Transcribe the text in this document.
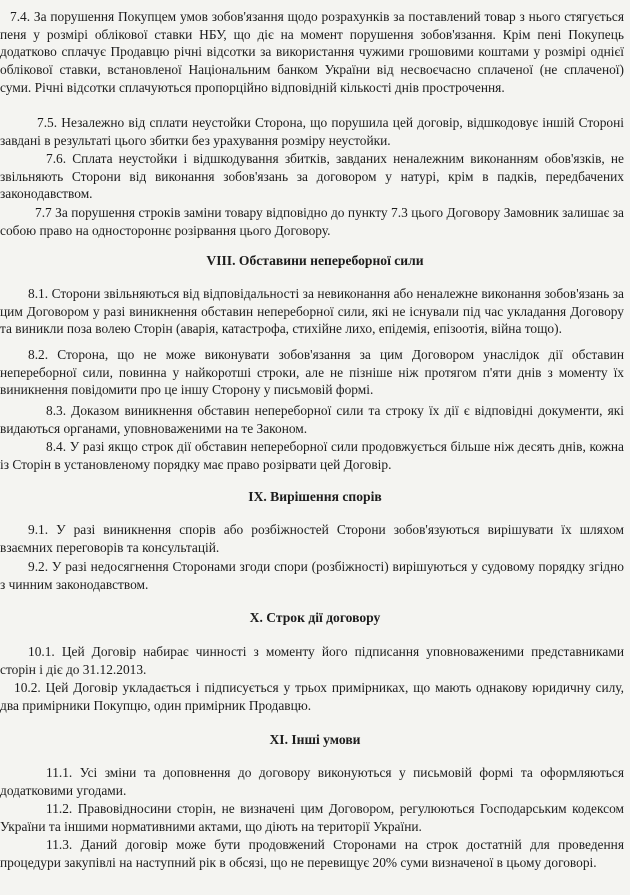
7.4. За порушення Покупцем умов зобов'язання щодо розрахунків за поставлений товар з нього стягується пеня у розмірі облікової ставки НБУ, що діє на момент порушення зобов'язання. Крім пені Покупець додатково сплачує Продавцю річні відсотки за використання чужими грошовими коштами у розмірі однієї облікової ставки, встановленої Національним банком України від несвоєчасно сплаченої (не сплаченої) суми. Річні відсотки сплачуються пропорційно відповідній кількості днів прострочення.

7.5. Незалежно від сплати неустойки Сторона, що порушила цей договір, відшкодовує іншій Стороні завдані в результаті цього збитки без урахування розміру неустойки.

7.6. Сплата неустойки і відшкодування збитків, завданих неналежним виконанням обов'язків, не звільняють Сторони від виконання зобов'язань за договором у натурі, крім в падків, передбачених законодавством.

7.7 За порушення строків заміни товару відповідно до пункту 7.3 цього Договору Замовник залишає за собою право на одностороннє розірвання цього Договору.

VIII. Обставини непереборної сили

8.1. Сторони звільняються від відповідальності за невиконання або неналежне виконання зобов'язань за цим Договором у разі виникнення обставин непереборної сили, які не існували під час укладання Договору та виникли поза волею Сторін (аварія, катастрофа, стихійне лихо, епідемія, епізоотія, війна тощо).

8.2. Сторона, що не може виконувати зобов'язання за цим Договором унаслідок дії обставин непереборної сили, повинна у найкоротші строки, але не пізніше ніж протягом п'яти днів з моменту їх виникнення повідомити про це іншу Сторону у письмовій формі.

8.3. Доказом виникнення обставин непереборної сили та строку їх дії є відповідні документи, які видаються органами, уповноваженими на те Законом.

8.4. У разі якщо строк дії обставин непереборної сили продовжується більше ніж десять днів, кожна із Сторін в установленому порядку має право розірвати цей Договір.

IX. Вирішення спорів

9.1. У разі виникнення спорів або розбіжностей Сторони зобов'язуються вирішувати їх шляхом взаємних переговорів та консультацій.

9.2. У разі недосягнення Сторонами згоди спори (розбіжності) вирішуються у судовому порядку згідно з чинним законодавством.

X. Строк дії договору

10.1. Цей Договір набирає чинності з моменту його підписання уповноваженими представниками сторін і діє до 31.12.2013.

10.2. Цей Договір укладається і підписується у трьох примірниках, що мають однакову юридичну силу, два примірники Покупцю, один примірник Продавцю.

XI. Інші умови

11.1. Усі зміни та доповнення до договору виконуються у письмовій формі та оформляються додатковими угодами.

11.2. Правовідносини сторін, не визначені цим Договором, регулюються Господарським кодексом України та іншими нормативними актами, що діють на території України.

11.3. Даний договір може бути продовжений Сторонами на строк достатній для проведення процедури закупівлі на наступний рік в обсязі, що не перевищує 20% суми визначеної в цьому договорі.
